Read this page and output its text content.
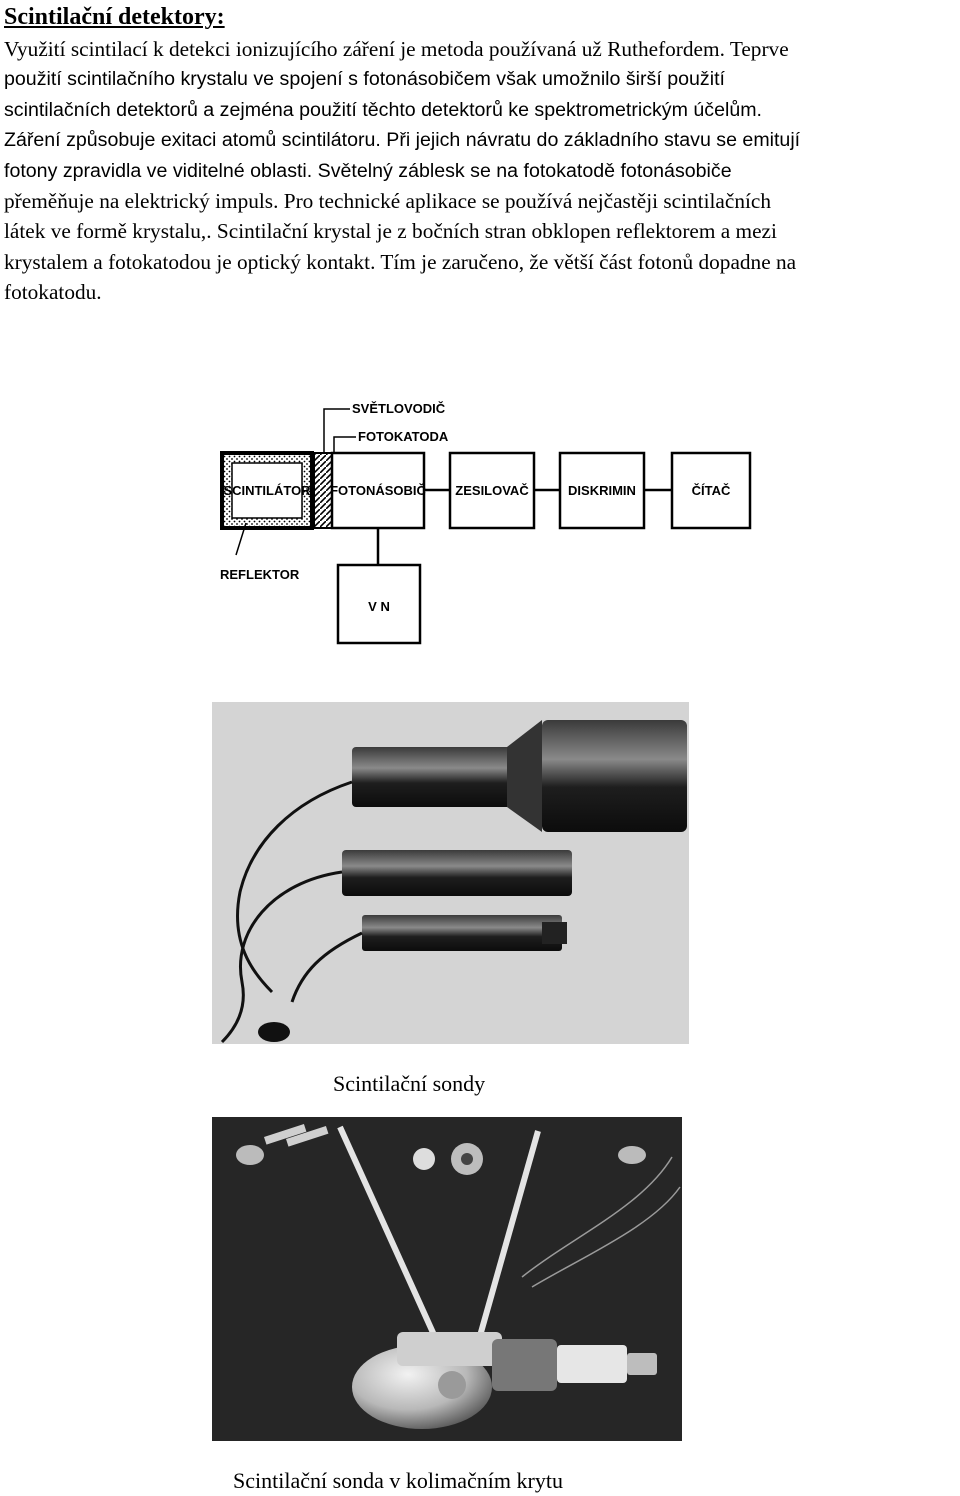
Scintilační detektory:
Využití scintilací k detekci ionizujícího záření je metoda používaná už Ruthefordem. Teprve
použití scintilačního krystalu ve spojení s fotonásobičem však umožnilo širší použití
scintilačních detektorů a zejména použití těchto detektorů ke spektrometrickým účelům.
Záření způsobuje exitaci atomů scintilátoru. Při jejich návratu do základního stavu se emitují
fotony zpravidla ve viditelné oblasti. Světelný záblesk se na fotokatodě fotonásobiče
přeměňuje na elektrický impuls. Pro technické aplikace se používá nejčastěji scintilačních
látek ve formě krystalu,. Scintilační krystal je z bočních stran obklopen reflektorem a mezi
krystalem a fotokatodou je optický kontakt. Tím je zaručeno, že větší část fotonů dopadne na
fotokatodu.
SCINTILÁTOR FOTONÁSOBIČ ZESILOVAČ	DISKRIMIN	ČÍTAČ
V N
SVĚTLOVODIČ
FOTOKATODA
REFLEKTOR

Scintilační sondy

Scintilační sonda v kolimačním krytu
